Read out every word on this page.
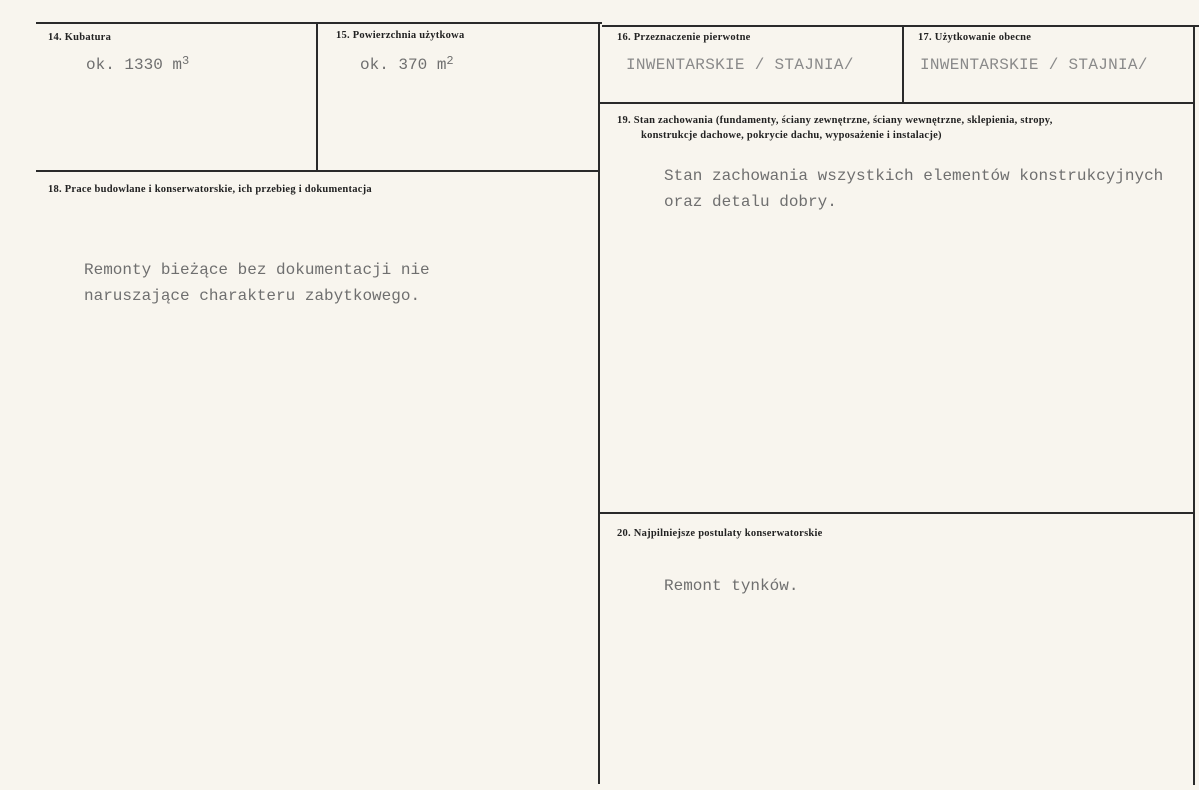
14. Kubatura
ok. 1330 $m^3$
15. Powierzchnia użytkowa
ok. 370 $m^2$
16. Przeznaczenie pierwotne
INWENTARSKIE / STAJNIA/
17. Użytkowanie obecne
INWENTARSKIE / STAJNIA/
19. Stan zachowania (fundamenty, ściany zewnętrzne, ściany wewnętrzne, sklepienia, stropy,
konstrukcje dachowe, pokrycie dachu, wyposażenie i instalacje)
Stan zachowania wszystkich elementów konstrukcyjnych
oraz detalu dobry.
18. Prace budowlane i konserwatorskie, ich przebieg i dokumentacja
Remonty bieżące bez dokumentacji nie
naruszające charakteru zabytkowego.
20. Najpilniejsze postulaty konserwatorskie
Remont tynków.
